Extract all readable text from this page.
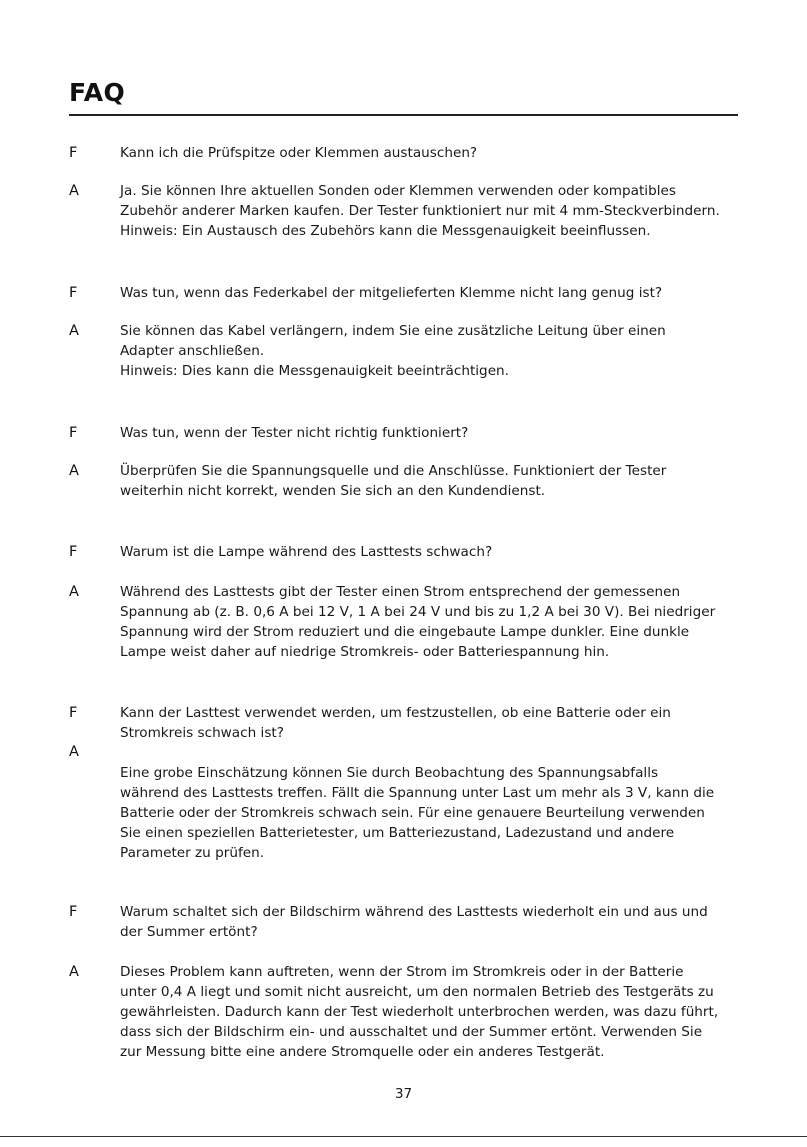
FAQ
F	Kann ich die Prüfspitze oder Klemmen austauschen?
A	Ja. Sie können Ihre aktuellen Sonden oder Klemmen verwenden oder kompatibles
Zubehör anderer Marken kaufen. Der Tester funktioniert nur mit 4 mm-Steckverbindern.
Hinweis: Ein Austausch des Zubehörs kann die Messgenauigkeit beeinflussen.
F	Was tun, wenn das Federkabel der mitgelieferten Klemme nicht lang genug ist?
A	Sie können das Kabel verlängern, indem Sie eine zusätzliche Leitung über einen
Adapter anschließen.
Hinweis: Dies kann die Messgenauigkeit beeinträchtigen.
F	Was tun, wenn der Tester nicht richtig funktioniert?
A	Überprüfen Sie die Spannungsquelle und die Anschlüsse. Funktioniert der Tester
weiterhin nicht korrekt, wenden Sie sich an den Kundendienst.
F	Warum ist die Lampe während des Lasttests schwach?
A	Während des Lasttests gibt der Tester einen Strom entsprechend der gemessenen
Spannung ab (z. B. 0,6 A bei 12 V, 1 A bei 24 V und bis zu 1,2 A bei 30 V). Bei niedriger
Spannung wird der Strom reduziert und die eingebaute Lampe dunkler. Eine dunkle
Lampe weist daher auf niedrige Stromkreis- oder Batteriespannung hin.
F	Kann der Lasttest verwendet werden, um festzustellen, ob eine Batterie oder ein
Stromkreis schwach ist?
A
Eine grobe Einschätzung können Sie durch Beobachtung des Spannungsabfalls
während des Lasttests treffen. Fällt die Spannung unter Last um mehr als 3 V, kann die
Batterie oder der Stromkreis schwach sein. Für eine genauere Beurteilung verwenden
Sie einen speziellen Batterietester, um Batteriezustand, Ladezustand und andere
Parameter zu prüfen.
F	Warum schaltet sich der Bildschirm während des Lasttests wiederholt ein und aus und
der Summer ertönt?
A	Dieses Problem kann auftreten, wenn der Strom im Stromkreis oder in der Batterie
unter 0,4 A liegt und somit nicht ausreicht, um den normalen Betrieb des Testgeräts zu
gewährleisten. Dadurch kann der Test wiederholt unterbrochen werden, was dazu führt,
dass sich der Bildschirm ein- und ausschaltet und der Summer ertönt. Verwenden Sie
zur Messung bitte eine andere Stromquelle oder ein anderes Testgerät.
37
